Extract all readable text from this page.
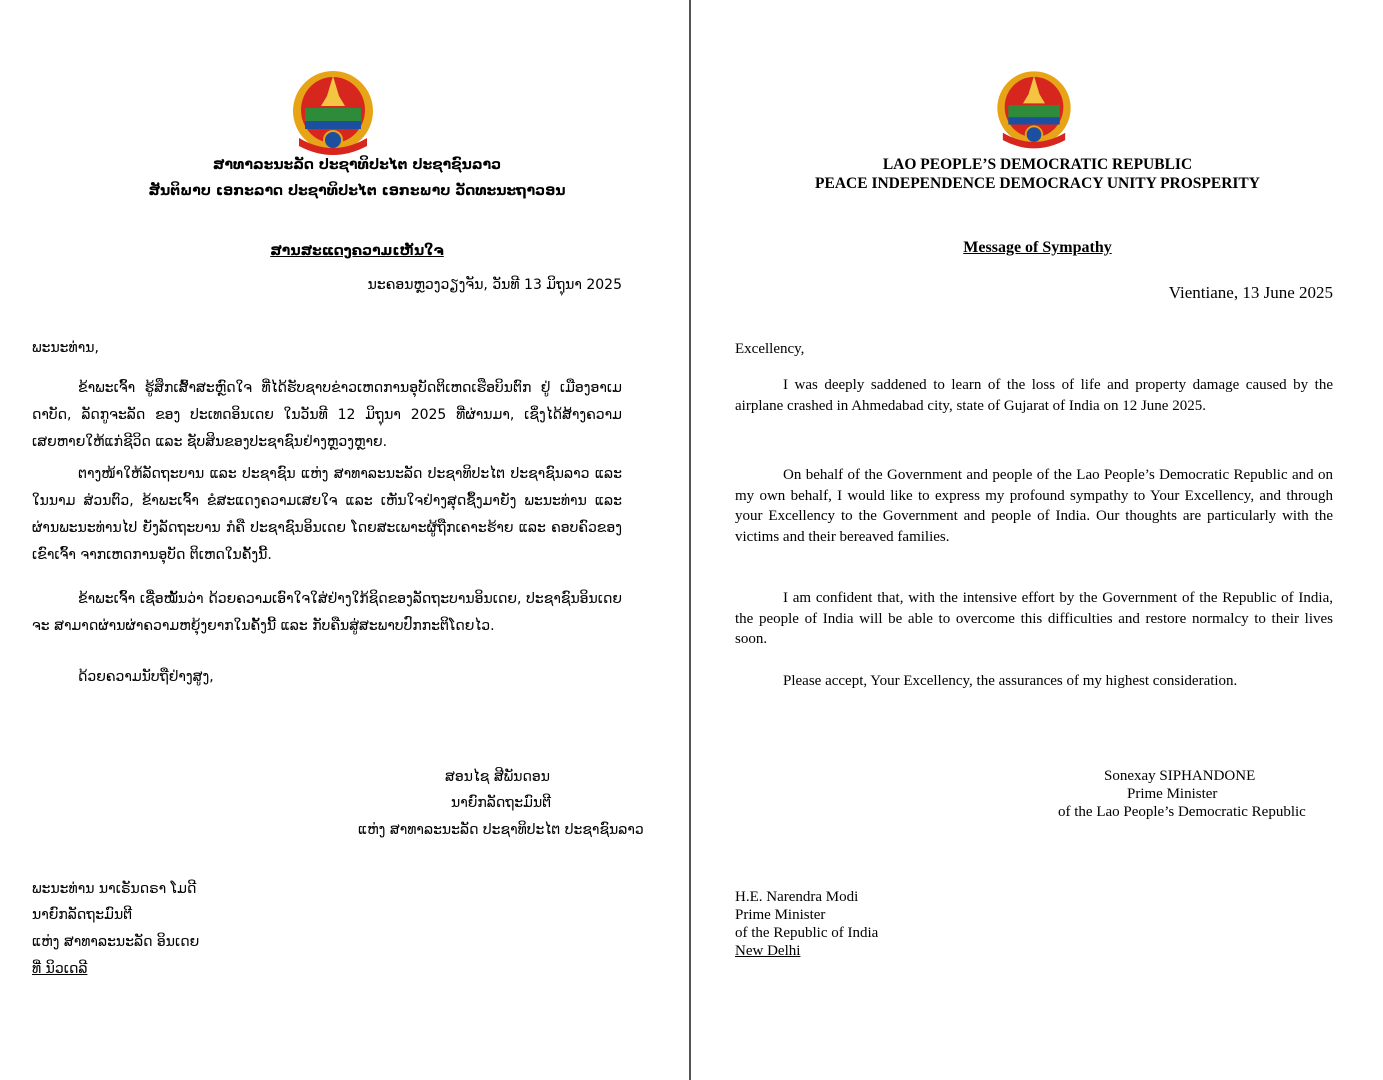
ສາທາລະນະລັດ ປະຊາທິປະໄຕ ປະຊາຊົນລາວ
ສັນຕິພາບ ເອກະລາດ ປະຊາທິປະໄຕ ເອກະພາບ ວັດທະນະຖາວອນ
ສານສະແດງຄວາມເຫັນໃຈ
ນະຄອນຫຼວງວຽງຈັນ, ວັນທີ 13 ມິຖຸນາ 2025
ພະນະທ່ານ,
ຂ້າພະເຈົ້າ ຮູ້ສຶກເສົ້າສະຫຼົດໃຈ ທີ່ໄດ້ຮັບຊາບຂ່າວເຫດການອຸບັດຕິເຫດເຮືອບິນຕົກ ຢູ່ ເມືອງອາເມດາບັດ, ລັດກູຈະລັດ ຂອງ ປະເທດອິນເດຍ ໃນວັນທີ 12 ມິຖຸນາ 2025 ທີ່ຜ່ານມາ, ເຊິ່ງໄດ້ສ້າງຄວາມເສຍຫາຍໃຫ້ແກ່ຊີວິດ ແລະ ຊັບສິນຂອງປະຊາຊົນຢ່າງຫຼວງຫຼາຍ.
ຕາງໜ້າໃຫ້ລັດຖະບານ ແລະ ປະຊາຊົນ ແຫ່ງ ສາທາລະນະລັດ ປະຊາທິປະໄຕ ປະຊາຊົນລາວ ແລະ ໃນນາມ ສ່ວນຕົວ, ຂ້າພະເຈົ້າ ຂໍສະແດງຄວາມເສຍໃຈ ແລະ ເຫັນໃຈຢ່າງສຸດຊຶ້ງມາຍັງ ພະນະທ່ານ ແລະ ຜ່ານພະນະທ່ານໄປ ຍັງລັດຖະບານ ກໍຄື ປະຊາຊົນອິນເດຍ ໂດຍສະເພາະຜູ້ຖືກເຄາະຮ້າຍ ແລະ ຄອບຄົວຂອງເຂົາເຈົ້າ ຈາກເຫດການອຸບັດ ຕິເຫດໃນຄັ້ງນີ້.
ຂ້າພະເຈົ້າ ເຊື່ອໝັ້ນວ່າ ດ້ວຍຄວາມເອົາໃຈໃສ່ຢ່າງໃກ້ຊິດຂອງລັດຖະບານອິນເດຍ, ປະຊາຊົນອິນເດຍ ຈະ ສາມາດຜ່ານຜ່າຄວາມຫຍຸ້ງຍາກໃນຄັ້ງນີ້ ແລະ ກັບຄືນສູ່ສະພາບປົກກະຕິໂດຍໄວ.
ດ້ວຍຄວາມນັບຖືຢ່າງສູງ,
ສອນໄຊ ສີພັນດອນ
ນາຍົກລັດຖະມົນຕີ
ແຫ່ງ ສາທາລະນະລັດ ປະຊາທິປະໄຕ ປະຊາຊົນລາວ
ພະນະທ່ານ ນາເຣັນດຣາ ໂມດີ
ນາຍົກລັດຖະມົນຕີ
ແຫ່ງ ສາທາລະນະລັດ ອິນເດຍ
ທີ່ ນິວເດລີ
LAO PEOPLE’S DEMOCRATIC REPUBLIC
PEACE INDEPENDENCE DEMOCRACY UNITY PROSPERITY
Message of Sympathy
Vientiane, 13 June 2025
Excellency,
I was deeply saddened to learn of the loss of life and property damage caused by the airplane crashed in Ahmedabad city, state of Gujarat of India on 12 June 2025.
On behalf of the Government and people of the Lao People’s Democratic Republic and on my own behalf, I would like to express my profound sympathy to Your Excellency, and through your Excellency to the Government and people of India. Our thoughts are particularly with the victims and their bereaved families.
I am confident that, with the intensive effort by the Government of the Republic of India, the people of India will be able to overcome this difficulties and restore normalcy to their lives soon.
Please accept, Your Excellency, the assurances of my highest consideration.
Sonexay SIPHANDONE
Prime Minister
of the Lao People’s Democratic Republic
H.E. Narendra Modi
Prime Minister
of the Republic of India
New Delhi
